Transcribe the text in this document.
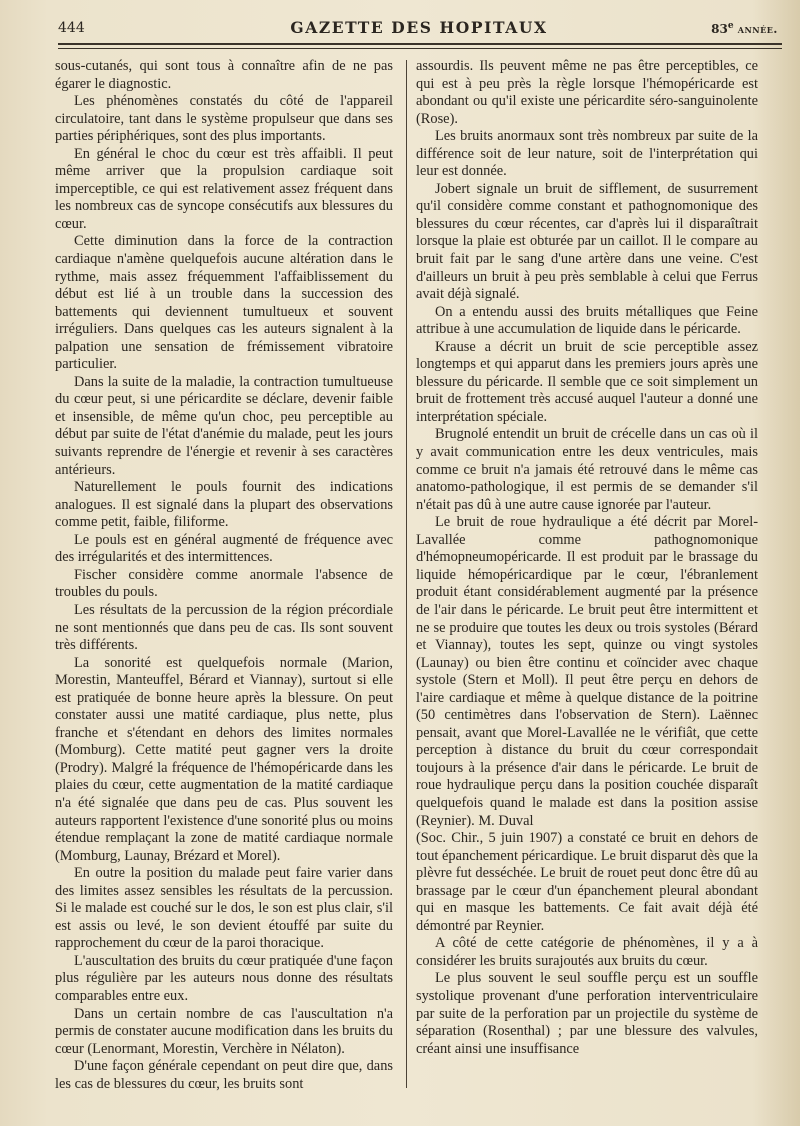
444	GAZETTE DES HOPITAUX	83e année.

sous-cutanés, qui sont tous à connaître afin de ne pas égarer le diagnostic.

Les phénomènes constatés du côté de l'appareil circulatoire, tant dans le système propulseur que dans ses parties périphériques, sont des plus importants.

En général le choc du cœur est très affaibli. Il peut même arriver que la propulsion cardiaque soit imperceptible, ce qui est relativement assez fréquent dans les nombreux cas de syncope consécutifs aux blessures du cœur.

Cette diminution dans la force de la contraction cardiaque n'amène quelquefois aucune altération dans le rythme, mais assez fréquemment l'affaiblissement du début est lié à un trouble dans la succession des battements qui deviennent tumultueux et souvent irréguliers. Dans quelques cas les auteurs signalent à la palpation une sensation de frémissement vibratoire particulier.

Dans la suite de la maladie, la contraction tumultueuse du cœur peut, si une péricardite se déclare, devenir faible et insensible, de même qu'un choc, peu perceptible au début par suite de l'état d'anémie du malade, peut les jours suivants reprendre de l'énergie et revenir à ses caractères antérieurs.

Naturellement le pouls fournit des indications analogues. Il est signalé dans la plupart des observations comme petit, faible, filiforme.

Le pouls est en général augmenté de fréquence avec des irrégularités et des intermittences.

Fischer considère comme anormale l'absence de troubles du pouls.

Les résultats de la percussion de la région précordiale ne sont mentionnés que dans peu de cas. Ils sont souvent très différents.

La sonorité est quelquefois normale (Marion, Morestin, Manteuffel, Bérard et Viannay), surtout si elle est pratiquée de bonne heure après la blessure. On peut constater aussi une matité cardiaque, plus nette, plus franche et s'étendant en dehors des limites normales (Momburg). Cette matité peut gagner vers la droite (Prodry). Malgré la fréquence de l'hémopéricarde dans les plaies du cœur, cette augmentation de la matité cardiaque n'a été signalée que dans peu de cas. Plus souvent les auteurs rapportent l'existence d'une sonorité plus ou moins étendue remplaçant la zone de matité cardiaque normale (Momburg, Launay, Brézard et Morel).

En outre la position du malade peut faire varier dans des limites assez sensibles les résultats de la percussion. Si le malade est couché sur le dos, le son est plus clair, s'il est assis ou levé, le son devient étouffé par suite du rapprochement du cœur de la paroi thoracique.

L'auscultation des bruits du cœur pratiquée d'une façon plus régulière par les auteurs nous donne des résultats comparables entre eux.

Dans un certain nombre de cas l'auscultation n'a permis de constater aucune modification dans les bruits du cœur (Lenormant, Morestin, Verchère in Nélaton).

D'une façon générale cependant on peut dire que, dans les cas de blessures du cœur, les bruits sont

assourdis. Ils peuvent même ne pas être perceptibles, ce qui est à peu près la règle lorsque l'hémopéricarde est abondant ou qu'il existe une péricardite séro-sanguinolente (Rose).

Les bruits anormaux sont très nombreux par suite de la différence soit de leur nature, soit de l'interprétation qui leur est donnée.

Jobert signale un bruit de sifflement, de susurrement qu'il considère comme constant et pathognomonique des blessures du cœur récentes, car d'après lui il disparaîtrait lorsque la plaie est obturée par un caillot. Il le compare au bruit fait par le sang d'une artère dans une veine. C'est d'ailleurs un bruit à peu près semblable à celui que Ferrus avait déjà signalé.

On a entendu aussi des bruits métalliques que Feine attribue à une accumulation de liquide dans le péricarde.

Krause a décrit un bruit de scie perceptible assez longtemps et qui apparut dans les premiers jours après une blessure du péricarde. Il semble que ce soit simplement un bruit de frottement très accusé auquel l'auteur a donné une interprétation spéciale.

Brugnolé entendit un bruit de crécelle dans un cas où il y avait communication entre les deux ventricules, mais comme ce bruit n'a jamais été retrouvé dans le même cas anatomo-pathologique, il est permis de se demander s'il n'était pas dû à une autre cause ignorée par l'auteur.

Le bruit de roue hydraulique a été décrit par Morel-Lavallée comme pathognomonique d'hémopneumopéricarde. Il est produit par le brassage du liquide hémopéricardique par le cœur, l'ébranlement produit étant considérablement augmenté par la présence de l'air dans le péricarde. Le bruit peut être intermittent et ne se produire que toutes les deux ou trois systoles (Bérard et Viannay), toutes les sept, quinze ou vingt systoles (Launay) ou bien être continu et coïncider avec chaque systole (Stern et Moll). Il peut être perçu en dehors de l'aire cardiaque et même à quelque distance de la poitrine (50 centimètres dans l'observation de Stern). Laënnec pensait, avant que Morel-Lavallée ne le vérifiât, que cette perception à distance du bruit du cœur correspondait toujours à la présence d'air dans le péricarde. Le bruit de roue hydraulique perçu dans la position couchée disparaît quelquefois quand le malade est dans la position assise (Reynier). M. Duval

(Soc. Chir., 5 juin 1907) a constaté ce bruit en dehors de tout épanchement péricardique. Le bruit disparut dès que la plèvre fut desséchée. Le bruit de rouet peut donc être dû au brassage par le cœur d'un épanchement pleural abondant qui en masque les battements. Ce fait avait déjà été démontré par Reynier.

A côté de cette catégorie de phénomènes, il y a à considérer les bruits surajoutés aux bruits du cœur.

Le plus souvent le seul souffle perçu est un souffle systolique provenant d'une perforation interventriculaire par suite de la perforation par un projectile du système de séparation (Rosenthal) ; par une blessure des valvules, créant ainsi une insuffisance
